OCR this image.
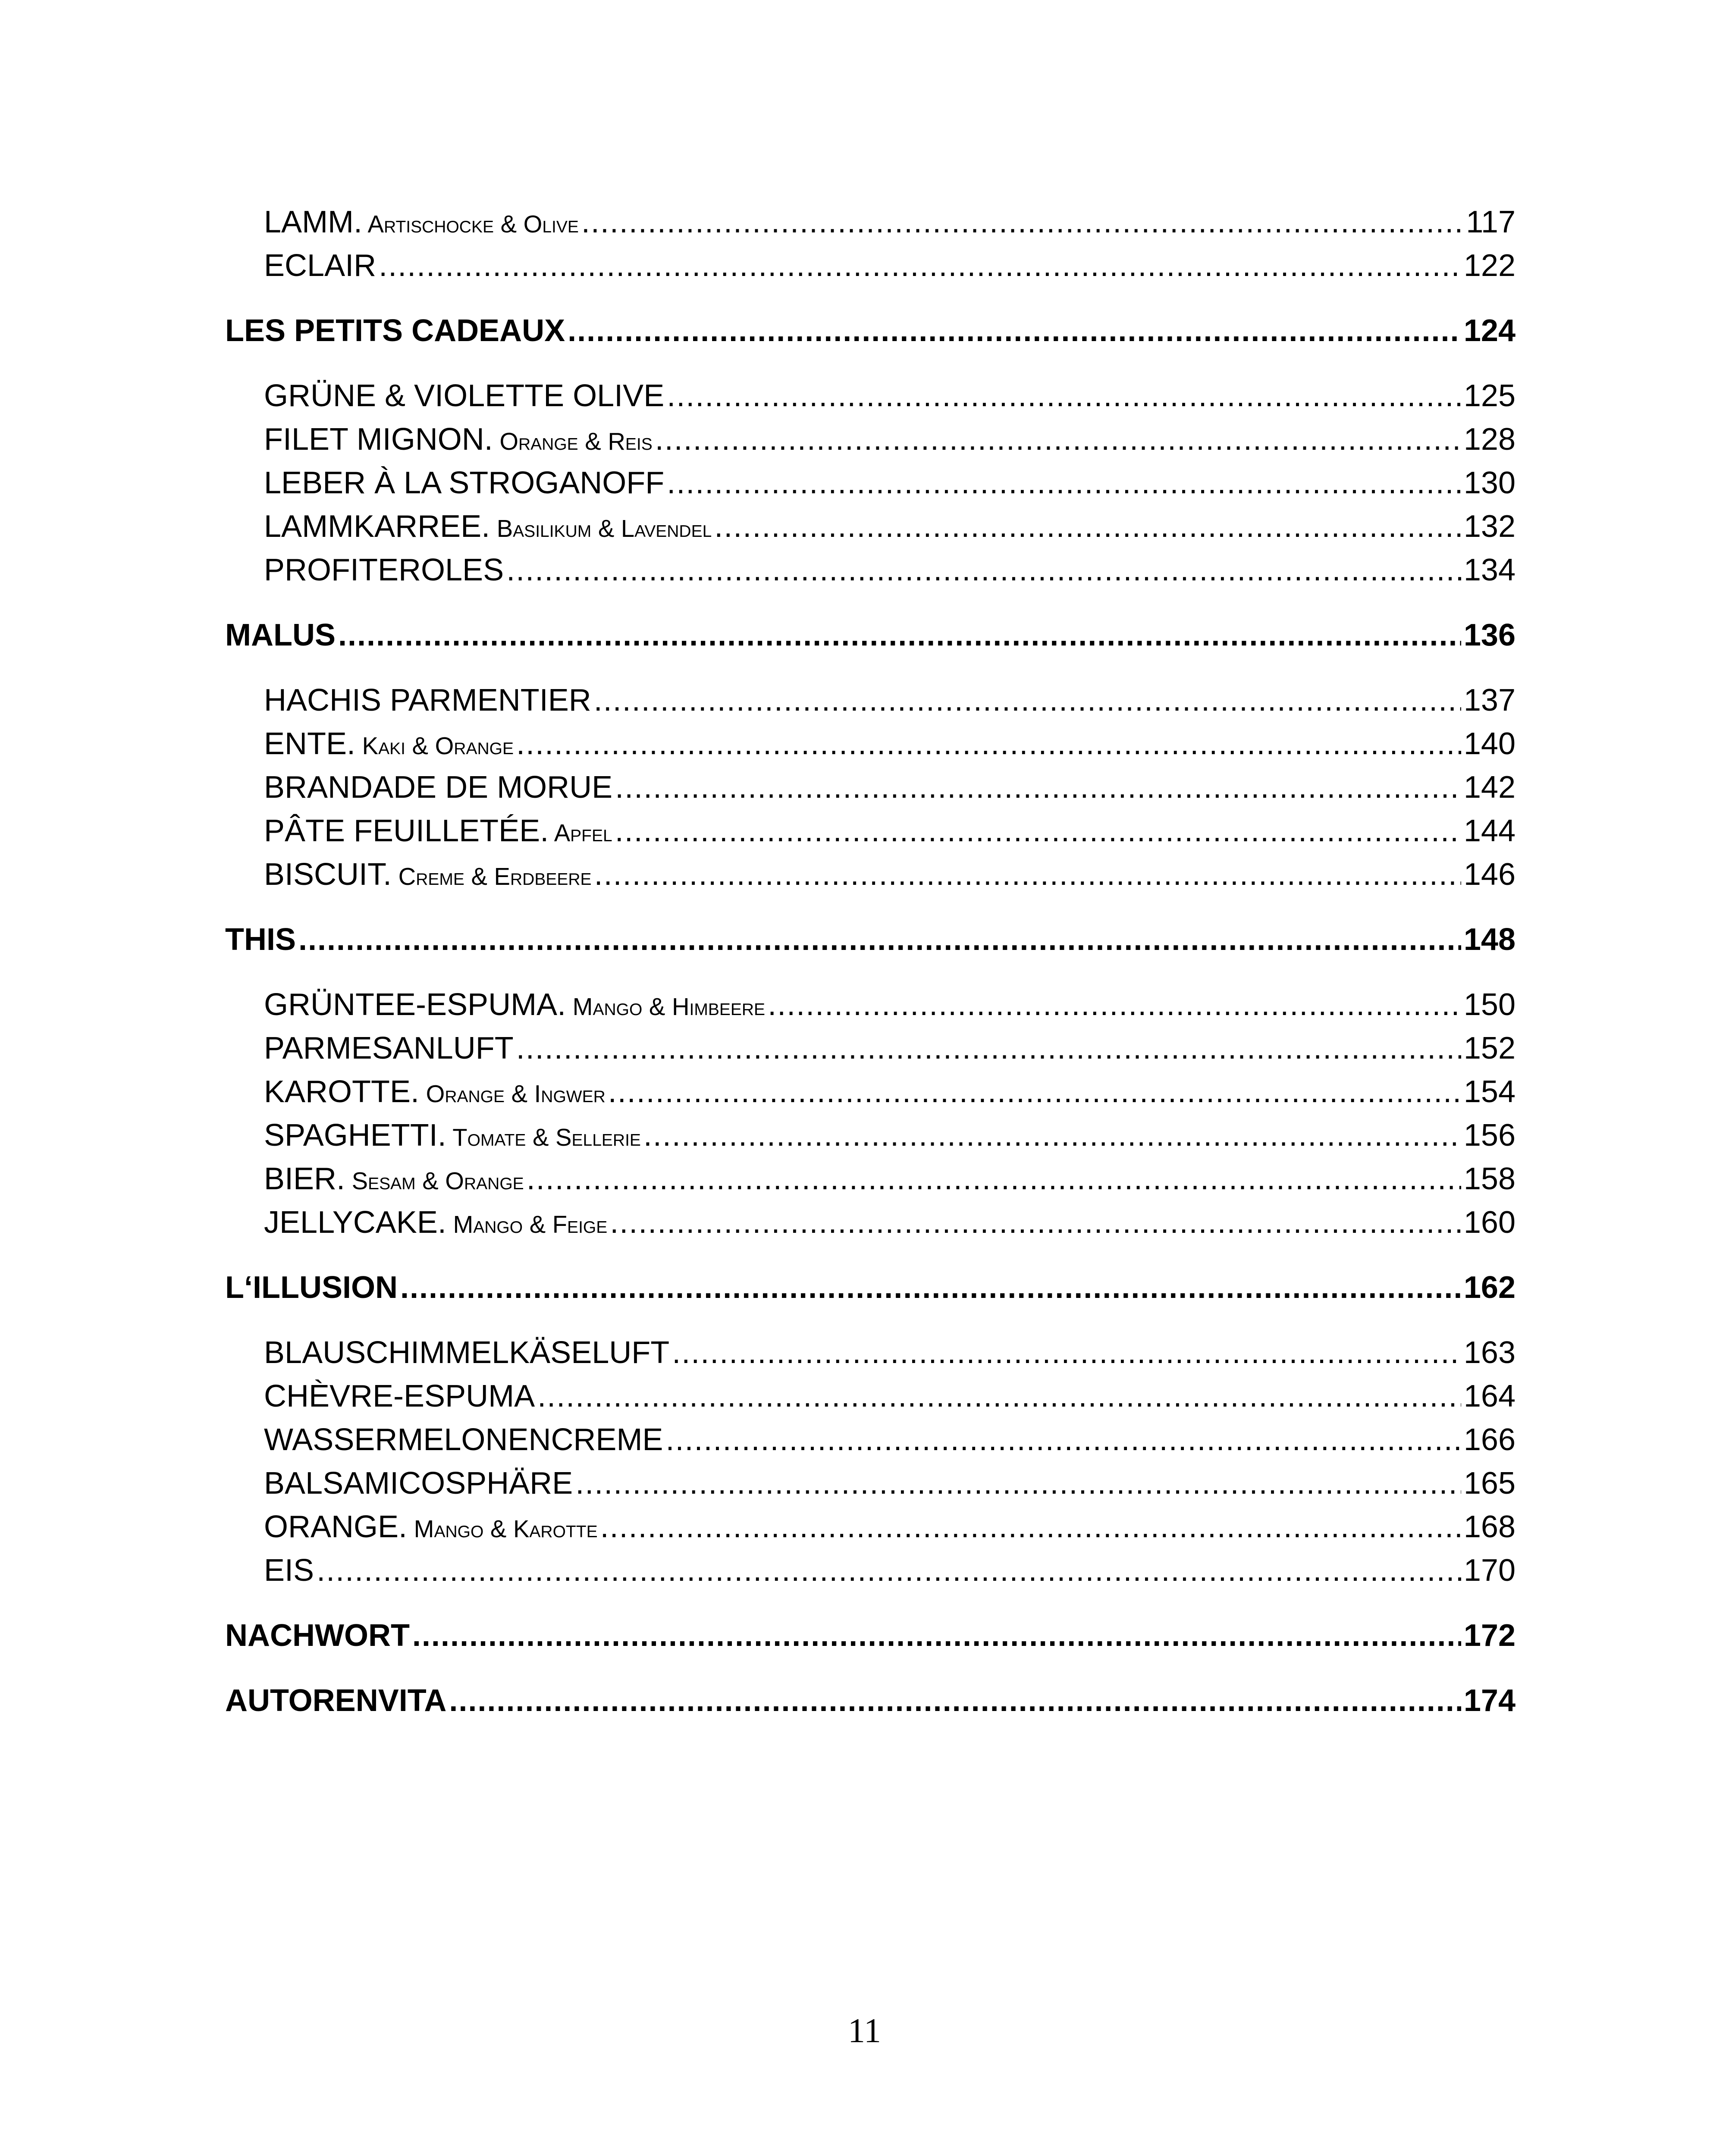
LAMM. Artischocke & Olive .....	117
ECLAIR .....	122
LES PETITS CADEAUX .....	124
GRÜNE & VIOLETTE OLIVE .....	125
FILET MIGNON. Orange & Reis .....	128
LEBER À LA STROGANOFF .....	130
LAMMKARREE. Basilikum & Lavendel .....	132
PROFITEROLES .....	134
MALUS .....	136
HACHIS PARMENTIER .....	137
ENTE. Kaki & Orange .....	140
BRANDADE DE MORUE .....	142
PÂTE FEUILLETÉE. Apfel .....	144
BISCUIT. Creme & Erdbeere .....	146
THIS .....	148
GRÜNTEE-ESPUMA. Mango & Himbeere .....	150
PARMESANLUFT .....	152
KAROTTE. Orange & Ingwer .....	154
SPAGHETTI. Tomate & Sellerie .....	156
BIER. Sesam & Orange .....	158
JELLYCAKE. Mango & Feige .....	160
L‘ILLUSION .....	162
BLAUSCHIMMELKÄSELUFT .....	163
CHÈVRE-ESPUMA .....	164
WASSERMELONENCREME .....	166
BALSAMICOSPHÄRE .....	165
ORANGE. Mango & Karotte .....	168
EIS .....	170
NACHWORT .....	172
AUTORENVITA .....	174
11
